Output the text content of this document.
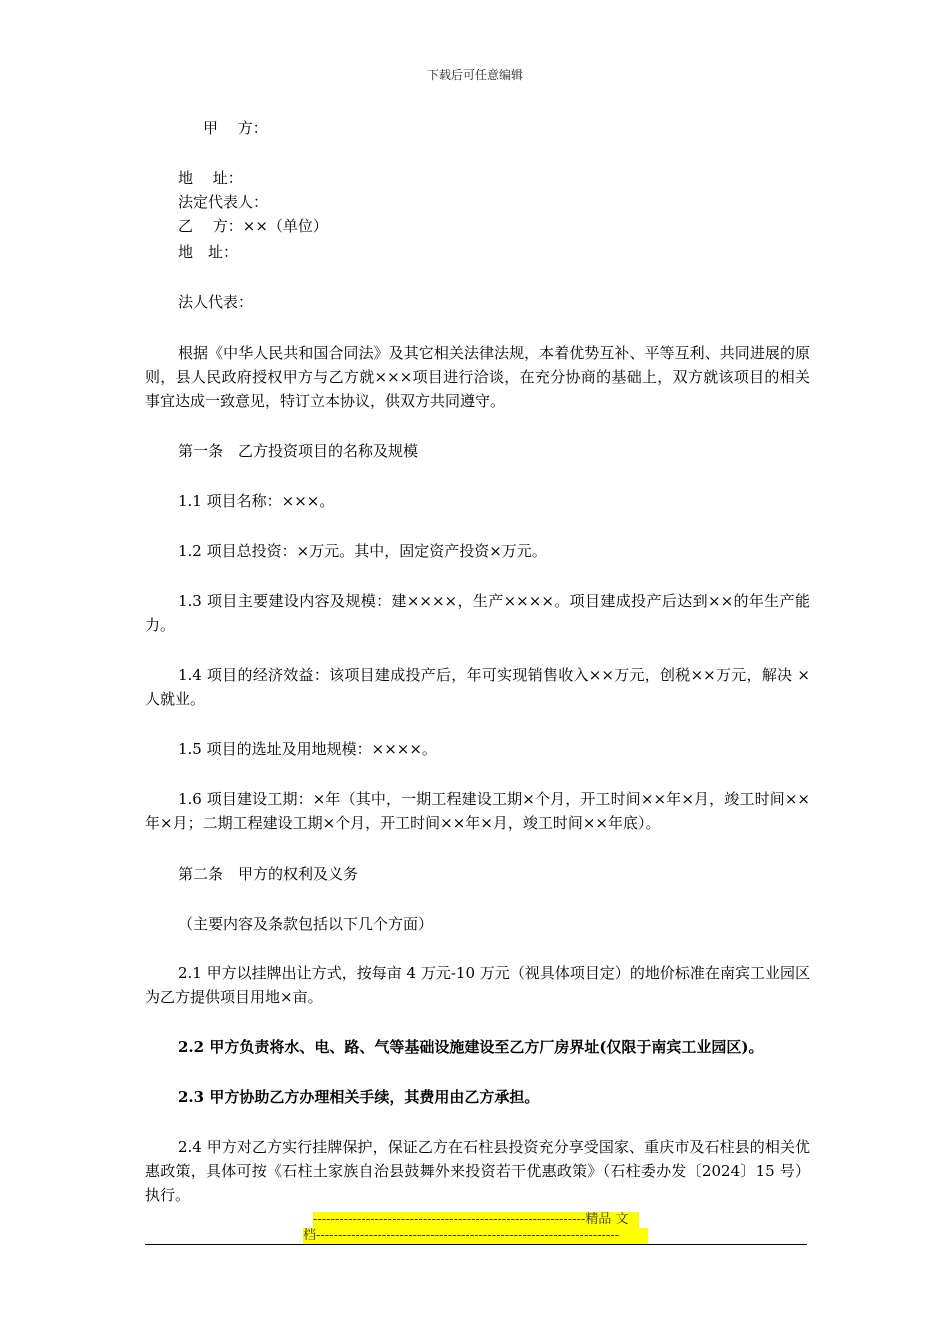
下载后可任意编辑
甲　 方：
地　 址：
法定代表人：
乙　 方：××（单位）
地　址：
法人代表：
根据《中华人民共和国合同法》及其它相关法律法规，本着优势互补、平等互利、共同进展的原则，县人民政府授权甲方与乙方就×××项目进行洽谈，在充分协商的基础上，双方就该项目的相关事宜达成一致意见，特订立本协议，供双方共同遵守。
第一条　乙方投资项目的名称及规模
1.1 项目名称：×××。
1.2 项目总投资：×万元。其中，固定资产投资×万元。
1.3 项目主要建设内容及规模：建××××，生产××××。项目建成投产后达到××的年生产能力。
1.4 项目的经济效益：该项目建成投产后，年可实现销售收入××万元，创税××万元，解决 × 人就业。
1.5 项目的选址及用地规模：××××。
1.6 项目建设工期：×年（其中，一期工程建设工期×个月，开工时间××年×月，竣工时间××年×月；二期工程建设工期×个月，开工时间××年×月，竣工时间××年底）。
第二条　甲方的权利及义务
（主要内容及条款包括以下几个方面）
2.1 甲方以挂牌出让方式，按每亩 4 万元-10 万元（视具体项目定）的地价标准在南宾工业园区为乙方提供项目用地×亩。
2.2 甲方负责将水、电、路、气等基础设施建设至乙方厂房界址(仅限于南宾工业园区)。
2.3 甲方协助乙方办理相关手续，其费用由乙方承担。
2.4 甲方对乙方实行挂牌保护，保证乙方在石柱县投资充分享受国家、重庆市及石柱县的相关优惠政策，具体可按《石柱土家族自治县鼓舞外来投资若干优惠政策》（石柱委办发〔2024〕15 号）执行。
--------------------------------------------------------------精品 文
档---------------------------------------------------------------------
